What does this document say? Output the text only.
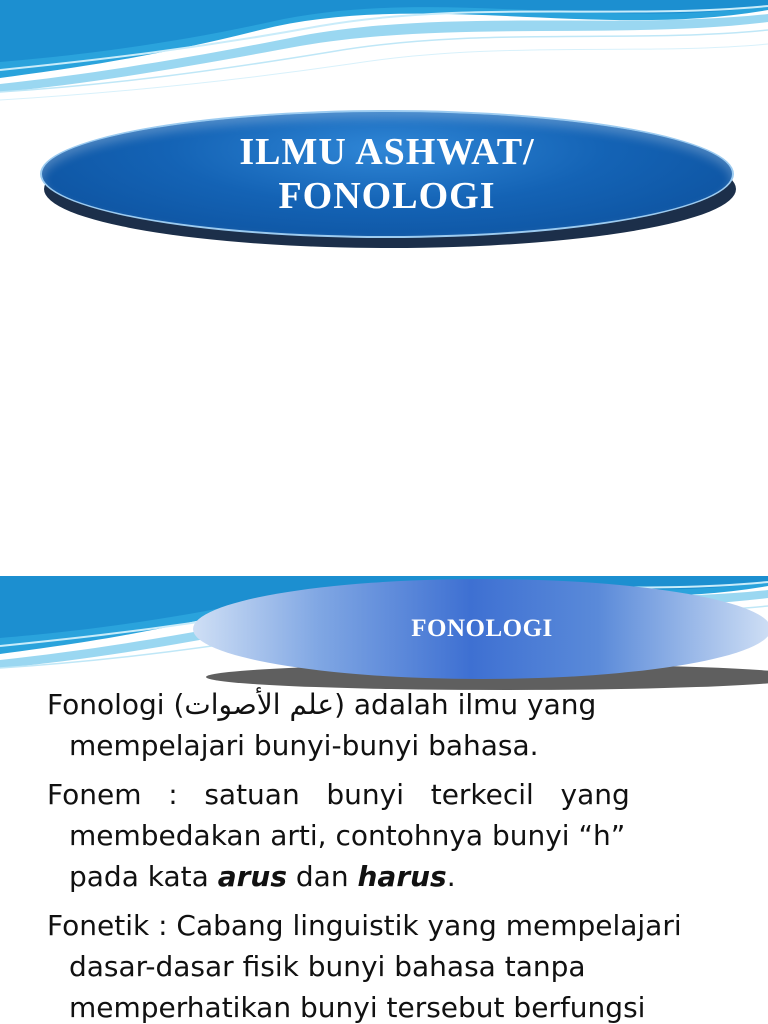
ILMU ASHWAT/
FONOLOGI
FONOLOGI

Fonologi (علم الأصوات) adalah ilmu yang
mempelajari bunyi-bunyi bahasa.

Fonem   :   satuan   bunyi   terkecil   yang
membedakan arti, contohnya bunyi “h”
pada kata arus dan harus.

Fonetik : Cabang linguistik yang mempelajari
dasar-dasar fisik bunyi bahasa tanpa
memperhatikan bunyi tersebut berfungsi
